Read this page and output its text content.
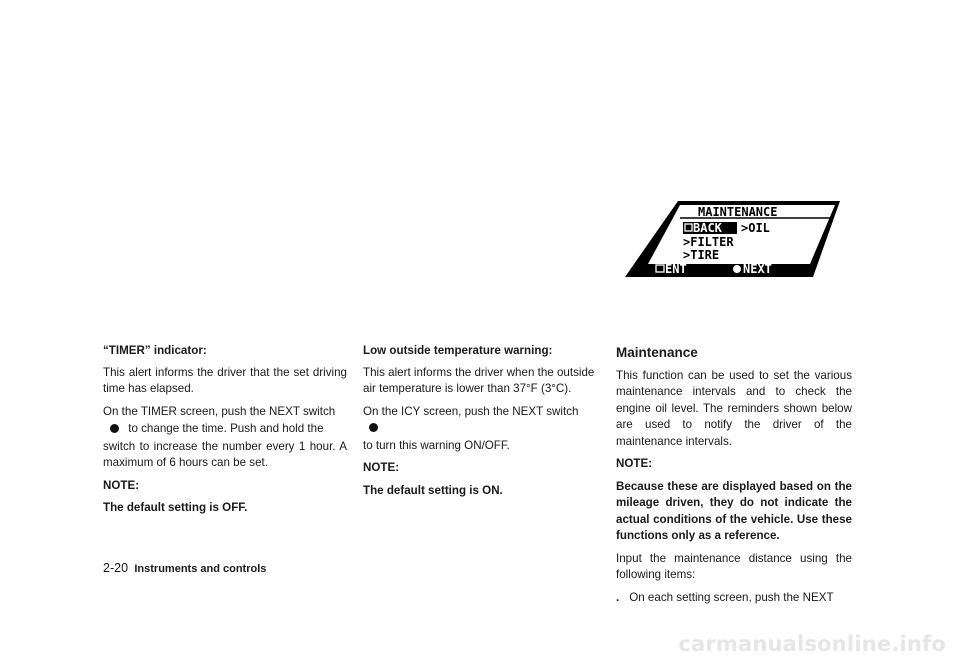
MAINTENANCE
BACK >OIL
>FILTER
>TIRE
ENT	NEXT

“TIMER” indicator:

This alert informs the driver that the set driving time has elapsed.

On the TIMER screen, push the NEXT switch

to change the time. Push and hold the

switch to increase the number every 1 hour. A maximum of 6 hours can be set.

NOTE:

The default setting is OFF.

Low outside temperature warning:

This alert informs the driver when the outside air temperature is lower than 37°F (3°C).

On the ICY screen, push the NEXT switch

to turn this warning ON/OFF.

NOTE:

The default setting is ON.

Maintenance

This function can be used to set the various maintenance intervals and to check the engine oil level. The reminders shown below are used to notify the driver of the maintenance intervals.

NOTE:

Because these are displayed based on the mileage driven, they do not indicate the actual conditions of the vehicle. Use these functions only as a reference.

Input the maintenance distance using the following items:

. On each setting screen, push the NEXT
2-20 Instruments and controls
carmanualsonline.info
